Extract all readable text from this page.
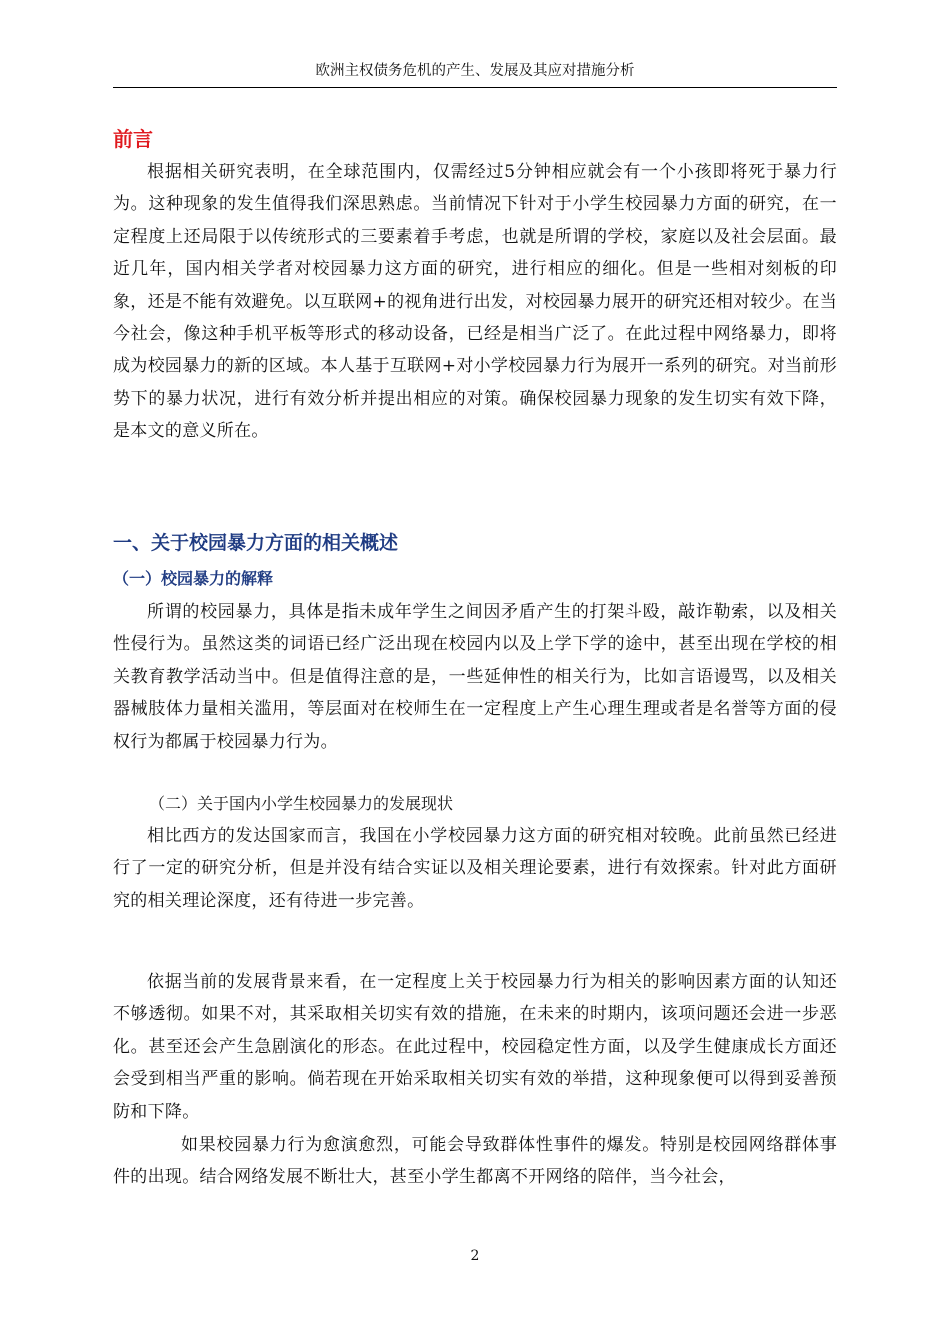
欧洲主权债务危机的产生、发展及其应对措施分析
前言

根据相关研究表明，在全球范围内，仅需经过5分钟相应就会有一个小孩即将死于暴力行为。这种现象的发生值得我们深思熟虑。当前情况下针对于小学生校园暴力方面的研究，在一定程度上还局限于以传统形式的三要素着手考虑，也就是所谓的学校，家庭以及社会层面。最近几年，国内相关学者对校园暴力这方面的研究，进行相应的细化。但是一些相对刻板的印象，还是不能有效避免。以互联网+的视角进行出发，对校园暴力展开的研究还相对较少。在当今社会，像这种手机平板等形式的移动设备，已经是相当广泛了。在此过程中网络暴力，即将成为校园暴力的新的区域。本人基于互联网+对小学校园暴力行为展开一系列的研究。对当前形势下的暴力状况，进行有效分析并提出相应的对策。确保校园暴力现象的发生切实有效下降，是本文的意义所在。

一、关于校园暴力方面的相关概述
（一）校园暴力的解释

所谓的校园暴力，具体是指未成年学生之间因矛盾产生的打架斗殴，敲诈勒索，以及相关性侵行为。虽然这类的词语已经广泛出现在校园内以及上学下学的途中，甚至出现在学校的相关教育教学活动当中。但是值得注意的是，一些延伸性的相关行为，比如言语谩骂，以及相关器械肢体力量相关滥用，等层面对在校师生在一定程度上产生心理生理或者是名誉等方面的侵权行为都属于校园暴力行为。

（二）关于国内小学生校园暴力的发展现状

相比西方的发达国家而言，我国在小学校园暴力这方面的研究相对较晚。此前虽然已经进行了一定的研究分析，但是并没有结合实证以及相关理论要素，进行有效探索。针对此方面研究的相关理论深度，还有待进一步完善。

依据当前的发展背景来看，在一定程度上关于校园暴力行为相关的影响因素方面的认知还不够透彻。如果不对，其采取相关切实有效的措施，在未来的时期内，该项问题还会进一步恶化。甚至还会产生急剧演化的形态。在此过程中，校园稳定性方面，以及学生健康成长方面还会受到相当严重的影响。倘若现在开始采取相关切实有效的举措，这种现象便可以得到妥善预防和下降。

如果校园暴力行为愈演愈烈，可能会导致群体性事件的爆发。特别是校园网络群体事件的出现。结合网络发展不断壮大，甚至小学生都离不开网络的陪伴，当今社会，

2
